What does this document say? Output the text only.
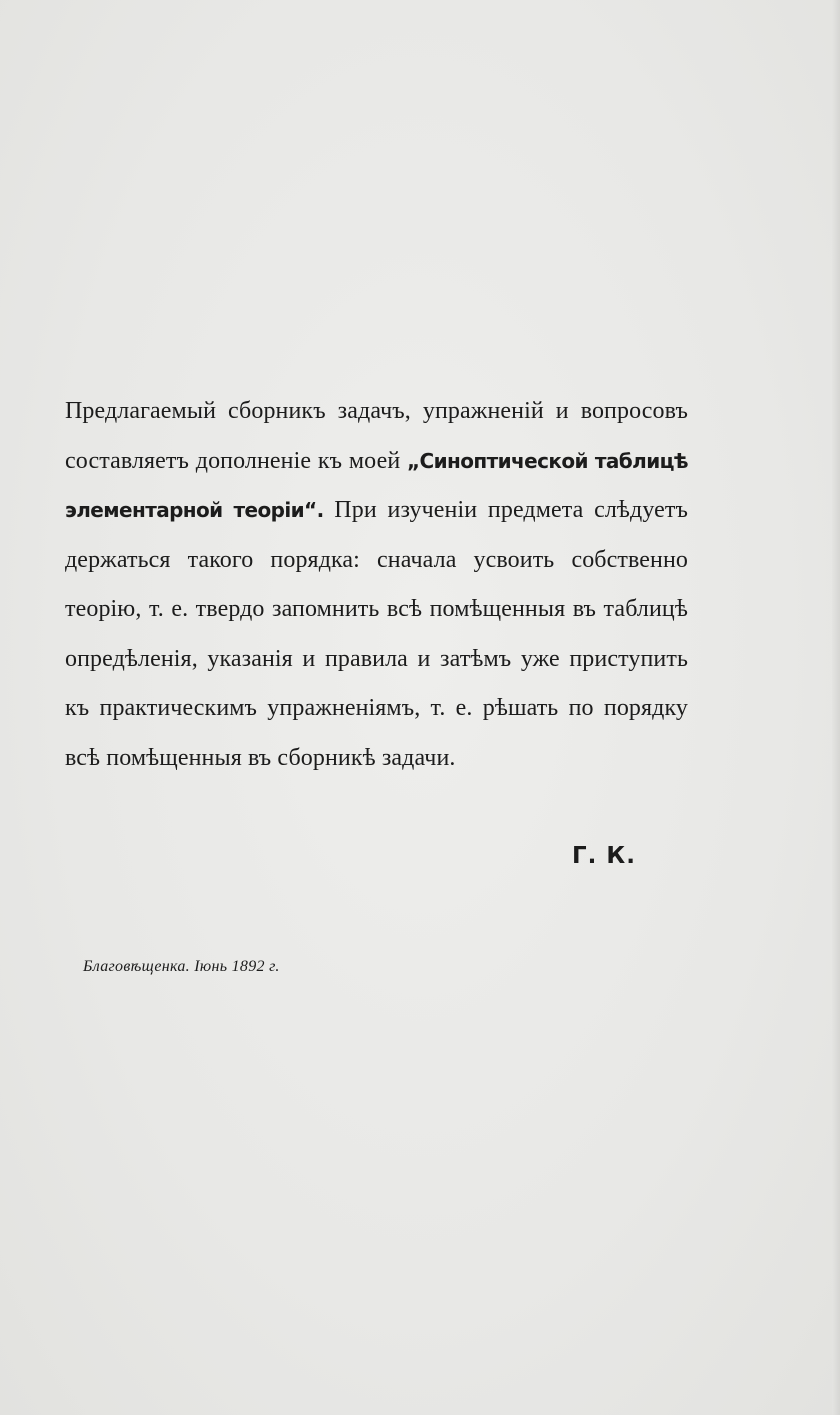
Предлагаемый сборникъ задачъ, упражненій и вопросовъ составляетъ дополненіе къ моей „Синоптической таблицѣ элементарной теоріи“. При изученіи предмета слѣдуетъ держаться такого порядка: сначала усвоить собственно теорію, т. е. твердо запомнить всѣ помѣщенныя въ таблицѣ опредѣленія, указанія и правила и затѣмъ уже приступить къ практическимъ упражненіямъ, т. е. рѣшать по порядку всѣ помѣщенныя въ сборникѣ задачи.

Г. К.
Благовѣщенка. Іюнь 1892 г.
